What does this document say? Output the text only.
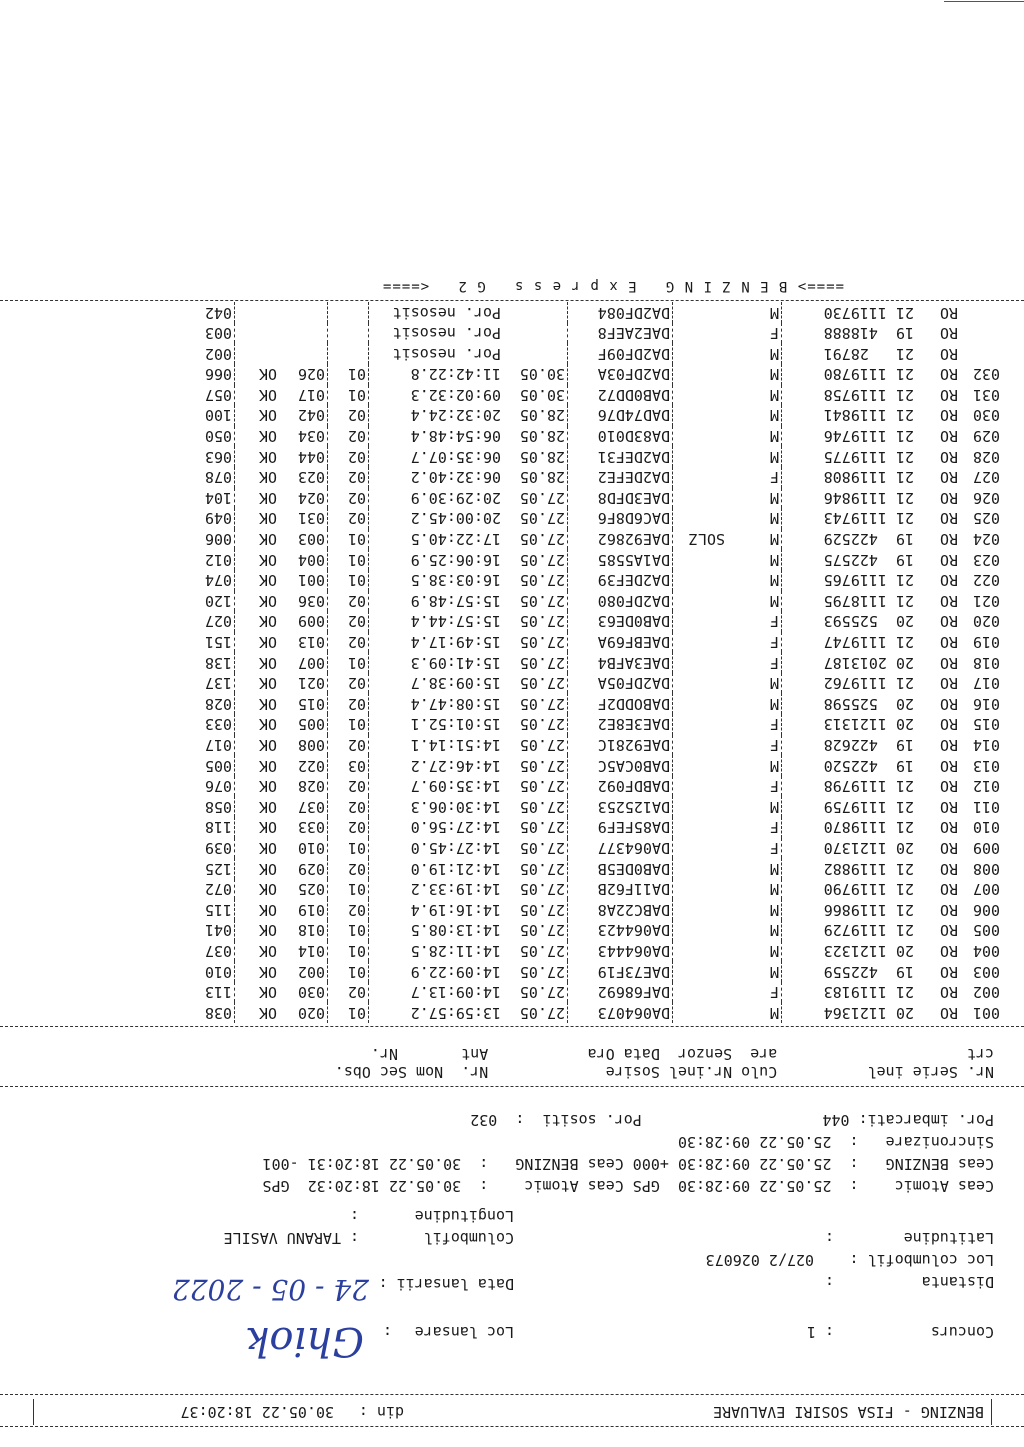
BENZING - FISA SOSIRI EVALUARE
din :
30.05.22 18:20:37
Concurs
: 1
Loc lansare
:
Ghiok
Distanta
:
Data lansarii :
24 - 05 - 2022
Loc columbofil :
027/2 026073
Columbofil
: TARANU VASILE	Latitudine
:
Longitudine
:
Ceas Atomic    :  25.05.22 09:28:30  GPS Ceas Atomic    :  30.05.22 18:20:32  GPS
Ceas BENZING   :  25.05.22 09:28:30 +000 Ceas BENZING   :  30.05.22 18:20:31 -001
Sincronizare   :  25.05.22 09:28:30
Por. imbarcati: 044                    Por. sositi  :  032
Nr. Serie inel          Culo Nr.inel Sosire             Nr.  Nom Sec Obs.
crt                     are  Senzor  Data Ora           Ant       Nr.
001	RO	20 1121364	M		DA064073	27.05	13:59:57.2	01	020	OK	038
002	RO	21 1119183	F		DAF68692	27.05	14:09:13.7	02	030	OK	113
003	RO	19  422559	M		DAE73F19	27.05	14:09:22.9	01	002	OK	010
004	RO	20 1121323	M		DA064443	27.05	14:11:28.5	01	014	OK	037
005	RO	21 1119729	M		DA064423	27.05	14:13:08.5	01	018	OK	041
006	RO	21 1119866	M		DABC22A8	27.05	14:16:19.4	02	019	OK	115
007	RO	21 1119790	M		DA11F62B	27.05	14:19:33.2	01	025	OK	072
008	RO	21 1119882	M		DAB0DE5B	27.05	14:21:19.0	02	029	OK	125
009	RO	20 1121370	F		DA064377	27.05	14:27:45.0	01	010	OK	039
010	RO	21 1119870	F		DA85FEF9	27.05	14:27:56.0	02	033	OK	118
011	RO	21 1119759	M		DA125253	27.05	14:30:06.3	02	037	OK	058
012	RO	21 1119798	F		DABDF092	27.05	14:35:09.7	02	028	OK	076
013	RO	19  422520	M		DAB0CA5C	27.05	14:46:27.2	03	022	OK	005
014	RO	19  422628	F		DAE9281C	27.05	14:51:14.1	02	008	OK	017
015	RO	20 1121313	F		DAE3E8E2	27.05	15:01:52.1	01	005	OK	033
016	RO	20  525598	M		DABODD2F	27.05	15:08:47.4	02	015	OK	028
017	RO	21 1119762	M		DA2DF05A	27.05	15:09:38.7	02	021	OK	137
018	RO	20 2013187	F		DAE3AFB4	27.05	15:41:09.3	01	007	OK	138
019	RO	21 1119747	F		DAEBF69A	27.05	15:49:17.4	02	013	OK	151
020	RO	20  525593	F		DAB0DE63	27.05	15:57:44.4	02	009	OK	027
021	RO	21 1118795	M		DA2DF080	27.05	15:57:48.9	02	036	OK	120
022	RO	21 1119765	M		DA2DEF39	27.05	16:03:38.5	01	001	OK	074
023	RO	19  422575	M		DA1A5585	27.05	16:06:25.9	01	004	OK	012
024	RO	19  422529	M	SOLZ	DAE92862	27.05	17:22:40.5	01	003	OK	006
025	RO	21 1119743	M		DAC6D8F6	27.05	20:00:45.2	02	031	OK	049
026	RO	21 1119846	M		DAE3DFD8	27.05	20:29:30.9	02	024	OK	104
027	RO	21 1119808	F		DA2DEFE2	28.05	06:32:40.2	02	023	OK	078
028	RO	21 1119775	M		DA2DEF31	28.05	06:35:07.7	02	044	OK	063
029	RO	21 1119746	M		DA83D010	28.05	06:54:48.4	02	034	OK	050
030	RO	21 1119841	M		DAD74D76	28.05	20:32:24.4	02	042	OK	100
031	RO	21 1119758	M		DAB0DD72	30.05	09:02:32.3	01	017	OK	057
032	RO	21 1119780	M		DA2DF03A	30.05	11:42:22.8	01	026	OK	066
	RO	21   28791	M		DA2DF09F		Por. nesosit				002
	RO	19  418888	F		DAE2AEF8		Por. nesosit				003
	RO	21 1119730	M		DA2DF084		Por. nesosit				042
====> B E N Z I N G   E x p r e s s   G 2   <====
